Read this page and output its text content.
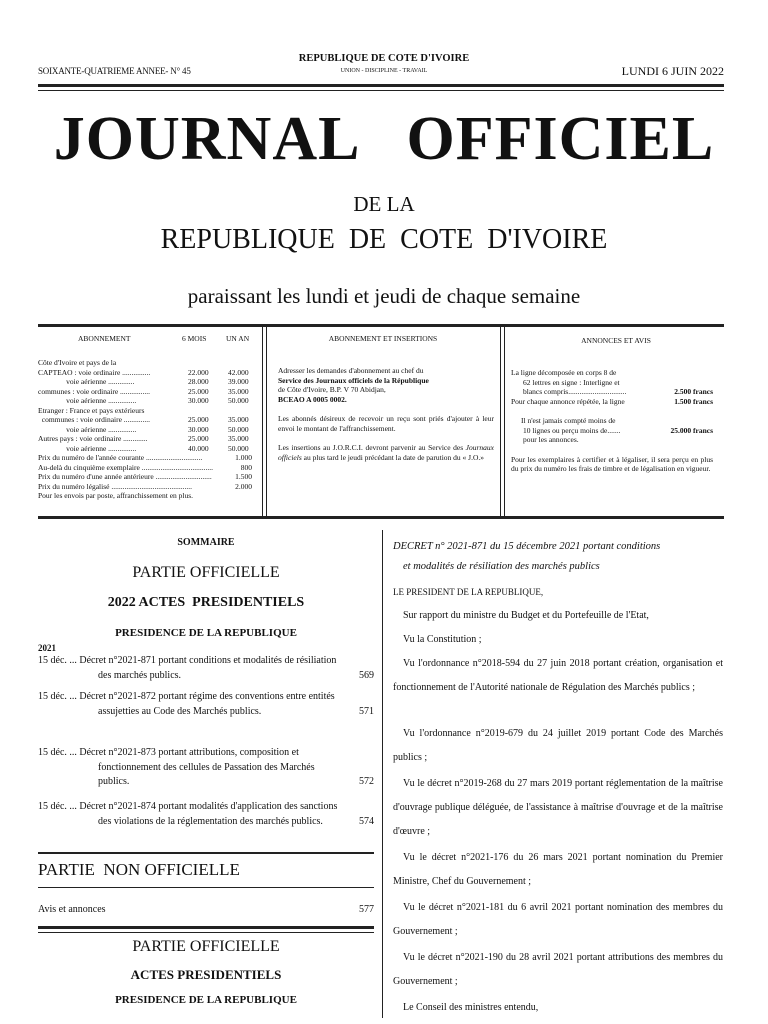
SOIXANTE-QUATRIEME ANNEE- N° 45
REPUBLIQUE DE COTE D'IVOIRE
UNION - DISCIPLINE - TRAVAIL	LUNDI 6 JUIN 2022
JOURNAL   OFFICIEL
DE LA
REPUBLIQUE  DE  COTE  D'IVOIRE
paraissant les lundi et jeudi de chaque semaine
ABONNEMENT	6 MOIS	UN AN
Côte d'Ivoire et pays de la
CAPTEAO : voie ordinaire ...............	22.000	42.000
voie aérienne ..............	28.000	39.000
communes : voie ordinaire ................	25.000	35.000
voie aérienne ...............	30.000	50.000
Etranger : France et pays extérieurs
communes : voie ordinaire ..............	25.000	35.000
voie aérienne ...............	30.000	50.000
Autres pays : voie ordinaire .............	25.000	35.000
voie aérienne ...............	40.000	50.000
Prix du numéro de l'année courante ..............................	1.000
Au-delà du cinquième exemplaire ......................................	800
Prix du numéro d'une année antérieure ..............................	1.500
Prix du numéro légalisé ...........................................	2.000
Pour les envois par poste, affranchissement en plus.
ABONNEMENT ET INSERTIONS
Adresser les demandes d'abonnement au chef du
Service des Journaux officiels de la République
de Côte d'Ivoire, B.P. V 70 Abidjan,
BCEAO A 0005 0002.
Les abonnés désireux de recevoir un reçu sont priés d'ajouter à leur envoi le montant de l'affranchissement.
Les insertions au J.O.R.C.I. devront parvenir au Service des Journaux officiels au plus tard le jeudi précédant la date de parution du « J.O.»
ANNONCES ET AVIS
La ligne décomposée en corps 8 de
62 lettres en signe : Interligne et
blancs compris...............................	2.500 francs
Pour chaque annonce répétée, la ligne	1.500 francs
Il n'est jamais compté moins de
10 lignes ou perçu moins de.......	25.000 francs
pour les annonces.
Pour les exemplaires à certifier et à légaliser, il sera perçu en plus du prix du numéro les frais de timbre et de légalisation en vigueur.
SOMMAIRE
PARTIE OFFICIELLE
2022 ACTES  PRESIDENTIELS
PRESIDENCE DE LA REPUBLIQUE
2021
15 déc. ... Décret n°2021-871 portant conditions et modalités de résiliation des marchés publics.	569
15 déc. ... Décret n°2021-872 portant régime des conventions entre entités assujetties au Code des Marchés publics.	571
15 déc. ... Décret n°2021-873 portant attributions, composition et fonctionnement des cellules de Passation des Marchés publics.	572
15 déc. ... Décret n°2021-874 portant modalités d'application des sanctions des violations de la réglementation des marchés publics.	574
PARTIE  NON OFFICIELLE
Avis et annonces	577
PARTIE OFFICIELLE
ACTES PRESIDENTIELS
PRESIDENCE DE LA REPUBLIQUE
DECRET n° 2021-871 du 15 décembre 2021 portant conditions
et modalités de résiliation des marchés publics
LE PRESIDENT DE LA REPUBLIQUE,
Sur rapport du ministre du Budget et du Portefeuille de l'Etat,
Vu la Constitution ;
Vu l'ordonnance n°2018-594 du 27 juin 2018 portant création, organisation et fonctionnement de l'Autorité nationale de Régulation des Marchés publics ;
Vu l'ordonnance n°2019-679 du 24 juillet 2019 portant Code des Marchés publics ;
Vu le décret n°2019-268 du 27 mars 2019 portant réglementation de la maîtrise d'ouvrage publique déléguée, de l'assistance à maîtrise d'ouvrage et de la maîtrise d'œuvre ;
Vu le décret n°2021-176 du 26 mars 2021 portant nomination du Premier Ministre, Chef du Gouvernement ;
Vu le décret n°2021-181 du 6 avril 2021 portant nomination des membres du Gouvernement ;
Vu le décret n°2021-190 du 28 avril 2021 portant attributions des membres du Gouvernement ;
Le Conseil des ministres entendu,
